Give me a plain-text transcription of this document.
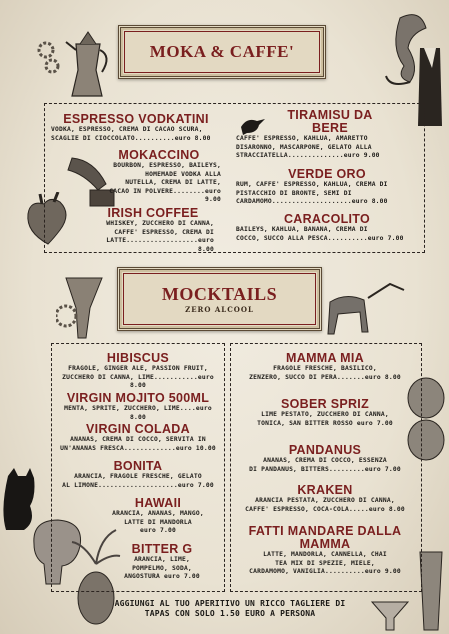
MOKA & CAFFE'
ESPRESSO VODKATINI
VODKA, ESPRESSO, CREMA DI CACAO SCURA,
SCAGLIE DI CIOCCOLATO..........euro 8.00
MOKACCINO
BOURBON, ESPRESSO, BAILEYS,
HOMEMADE VODKA ALLA
NUTELLA, CREMA DI LATTE,
CACAO IN POLVERE........euro 9.00
IRISH COFFEE
WHISKEY, ZUCCHERO DI CANNA,
CAFFE' ESPRESSO, CREMA DI
LATTE..................euro 8.00
TIRAMISU DA BERE
CAFFE' ESPRESSO, KAHLUA, AMARETTO
DISARONNO, MASCARPONE, GELATO ALLA
STRACCIATELLA..............euro 9.00
VERDE ORO
RUM, CAFFE' ESPRESSO, KAHLUA, CREMA DI
PISTACCHIO DI BRONTE, SEMI DI
CARDAMOMO....................euro 8.00
CARACOLITO
BAILEYS, KAHLUA, BANANA, CREMA DI
COCCO, SUCCO ALLA PESCA..........euro 7.00
MOCKTAILS
ZERO ALCOOL
HIBISCUS
FRAGOLE, GINGER ALE, PASSION FRUIT,
ZUCCHERO DI CANNA, LIME...........euro 8.00
VIRGIN MOJITO 500ML
MENTA, SPRITE, ZUCCHERO, LIME....euro 8.00
VIRGIN COLADA
ANANAS, CREMA DI COCCO, SERVITA IN
UN'ANANAS FRESCA.............euro 10.00
BONITA
ARANCIA, FRAGOLE FRESCHE, GELATO
AL LIMONE....................euro 7.00
HAWAII
ARANCIA, ANANAS, MANGO,
LATTE DI MANDORLA
euro 7.00
BITTER G
ARANCIA, LIME,
POMPELMO, SODA,
ANGOSTURA euro 7.00
MAMMA MIA
FRAGOLE FRESCHE, BASILICO,
ZENZERO, SUCCO DI PERA.......euro 8.00
SOBER SPRIZ
LIME PESTATO, ZUCCHERO DI CANNA,
TONICA, SAN BITTER ROSSO euro 7.00
PANDANUS
ANANAS, CREMA DI COCCO, ESSENZA
DI PANDANUS, BITTERS.........euro 7.00
KRAKEN
ARANCIA PESTATA, ZUCCHERO DI CANNA,
CAFFE' ESPRESSO, COCA-COLA.....euro 8.00
FATTI MANDARE DALLA MAMMA
LATTE, MANDORLA, CANNELLA, CHAI
TEA MIX DI SPEZIE, MIELE,
CARDAMOMO, VANIGLIA..........euro 9.00
AGGIUNGI AL TUO APERITIVO UN RICCO TAGLIERE DI
TAPAS CON SOLO 1.50 EURO A PERSONA
